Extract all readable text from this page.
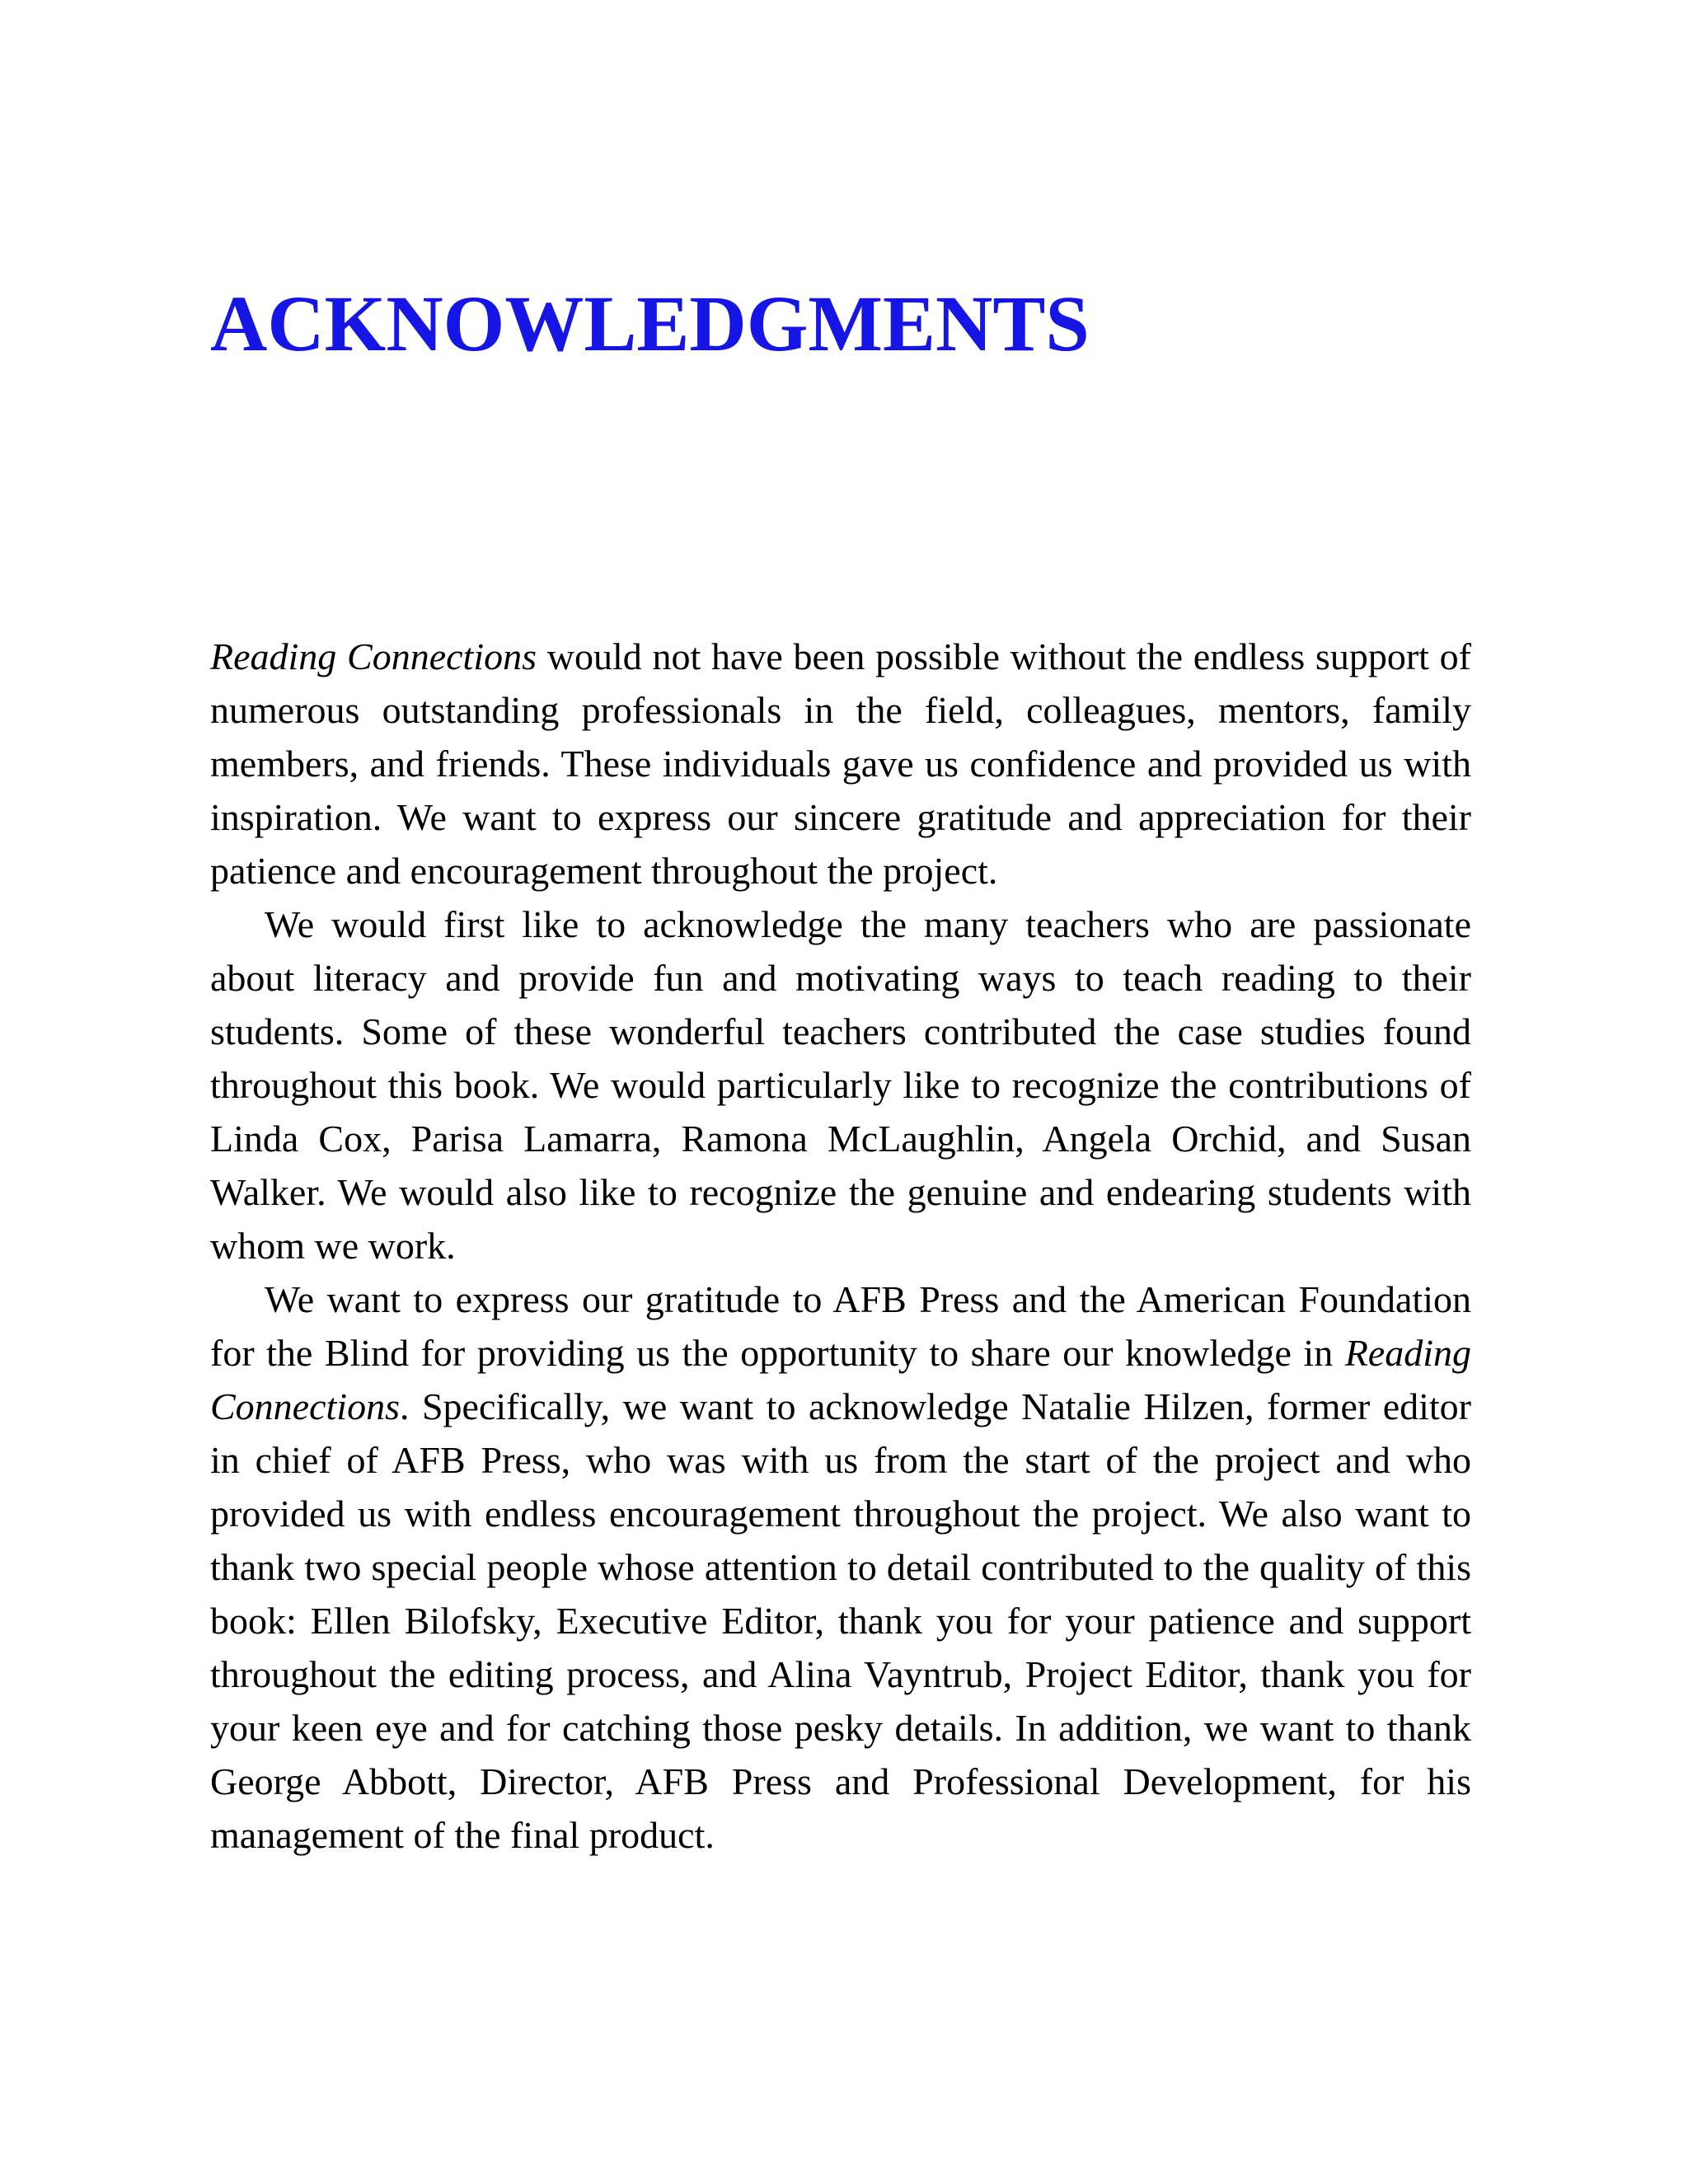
ACKNOWLEDGMENTS

Reading Connections would not have been possible without the endless support of numerous outstanding professionals in the field, colleagues, mentors, family members, and friends. These individuals gave us confidence and provided us with inspiration. We want to express our sincere gratitude and appreciation for their patience and encouragement throughout the project.

We would first like to acknowledge the many teachers who are passionate about literacy and provide fun and motivating ways to teach reading to their students. Some of these wonderful teachers contributed the case studies found throughout this book. We would particularly like to recognize the contributions of Linda Cox, Parisa Lamarra, Ramona McLaughlin, Angela Orchid, and Susan Walker. We would also like to recognize the genuine and endearing students with whom we work.

We want to express our gratitude to AFB Press and the American Foundation for the Blind for providing us the opportunity to share our knowledge in Reading Connections. Specifically, we want to acknowledge Natalie Hilzen, former editor in chief of AFB Press, who was with us from the start of the project and who provided us with endless encouragement throughout the project. We also want to thank two special people whose attention to detail contributed to the quality of this book: Ellen Bilofsky, Executive Editor, thank you for your patience and support throughout the editing process, and Alina Vayntrub, Project Editor, thank you for your keen eye and for catching those pesky details. In addition, we want to thank George Abbott, Director, AFB Press and Professional Development, for his management of the final product.
